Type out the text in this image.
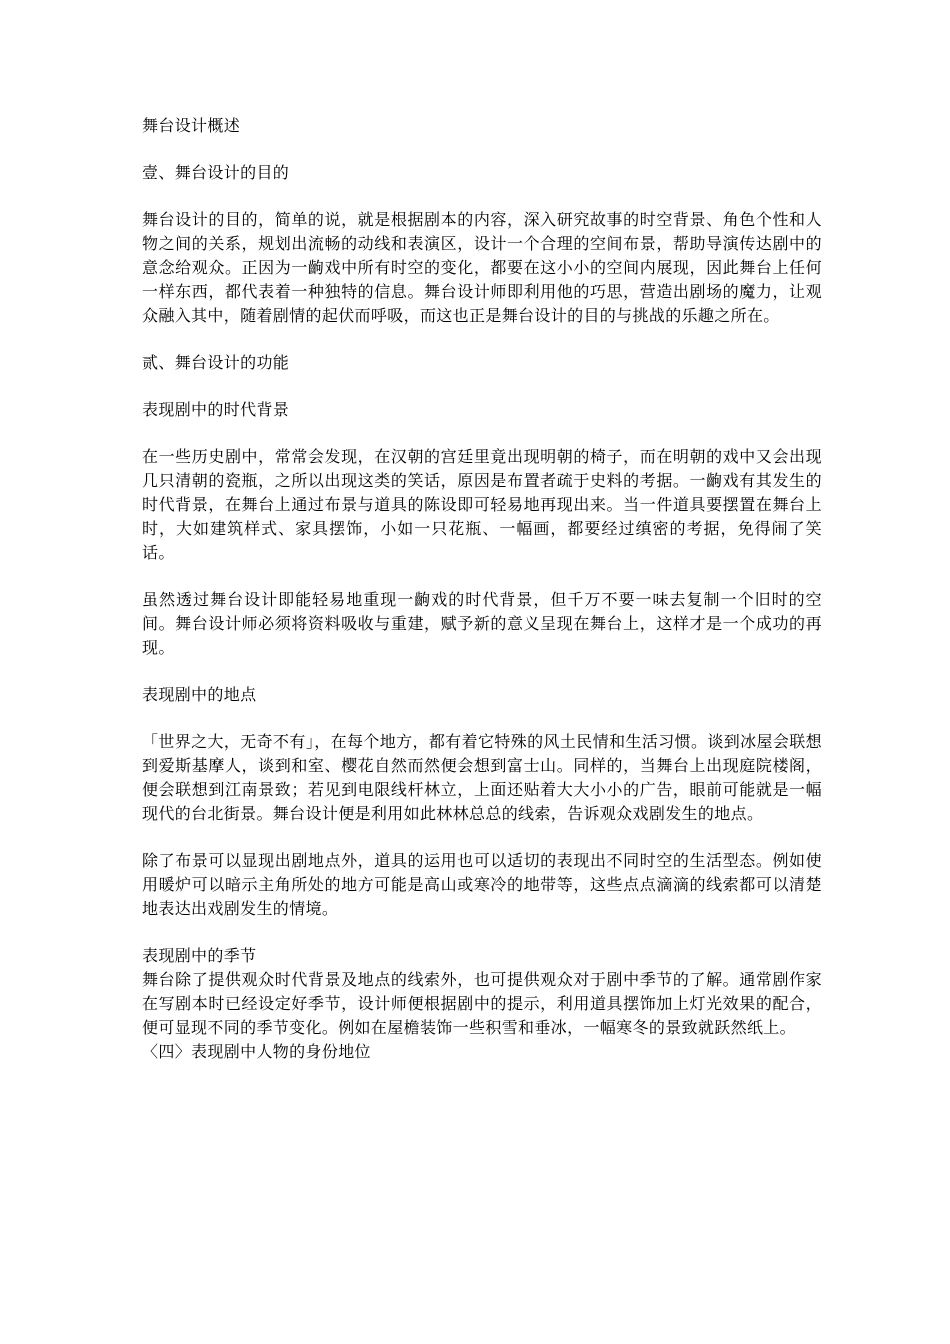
舞台设计概述

壹、舞台设计的目的

舞台设计的目的，简单的说，就是根据剧本的内容，深入研究故事的时空背景、角色个性和人物之间的关系，规划出流畅的动线和表演区，设计一个合理的空间布景，帮助导演传达剧中的意念给观众。正因为一齣戏中所有时空的变化，都要在这小小的空间内展现，因此舞台上任何一样东西，都代表着一种独特的信息。舞台设计师即利用他的巧思，营造出剧场的魔力，让观众融入其中，随着剧情的起伏而呼吸，而这也正是舞台设计的目的与挑战的乐趣之所在。

贰、舞台设计的功能

表现剧中的时代背景

在一些历史剧中，常常会发现，在汉朝的宫廷里竟出现明朝的椅子，而在明朝的戏中又会出现几只清朝的瓷瓶，之所以出现这类的笑话，原因是布置者疏于史料的考据。一齣戏有其发生的时代背景，在舞台上通过布景与道具的陈设即可轻易地再现出来。当一件道具要摆置在舞台上时，大如建筑样式、家具摆饰，小如一只花瓶、一幅画，都要经过缜密的考据，免得闹了笑话。

虽然透过舞台设计即能轻易地重现一齣戏的时代背景，但千万不要一味去复制一个旧时的空间。舞台设计师必须将资料吸收与重建，赋予新的意义呈现在舞台上，这样才是一个成功的再现。

表现剧中的地点

「世界之大，无奇不有」，在每个地方，都有着它特殊的风土民情和生活习惯。谈到冰屋会联想到爱斯基摩人，谈到和室、樱花自然而然便会想到富士山。同样的，当舞台上出现庭院楼阁，便会联想到江南景致；若见到电限线杆林立，上面还贴着大大小小的广告，眼前可能就是一幅现代的台北街景。舞台设计便是利用如此林林总总的线索，告诉观众戏剧发生的地点。

除了布景可以显现出剧地点外，道具的运用也可以适切的表现出不同时空的生活型态。例如使用暖炉可以暗示主角所处的地方可能是高山或寒冷的地带等，这些点点滴滴的线索都可以清楚地表达出戏剧发生的情境。

表现剧中的季节

舞台除了提供观众时代背景及地点的线索外，也可提供观众对于剧中季节的了解。通常剧作家在写剧本时已经设定好季节，设计师便根据剧中的提示，利用道具摆饰加上灯光效果的配合，便可显现不同的季节变化。例如在屋檐装饰一些积雪和垂冰，一幅寒冬的景致就跃然纸上。

〈四〉表现剧中人物的身份地位
